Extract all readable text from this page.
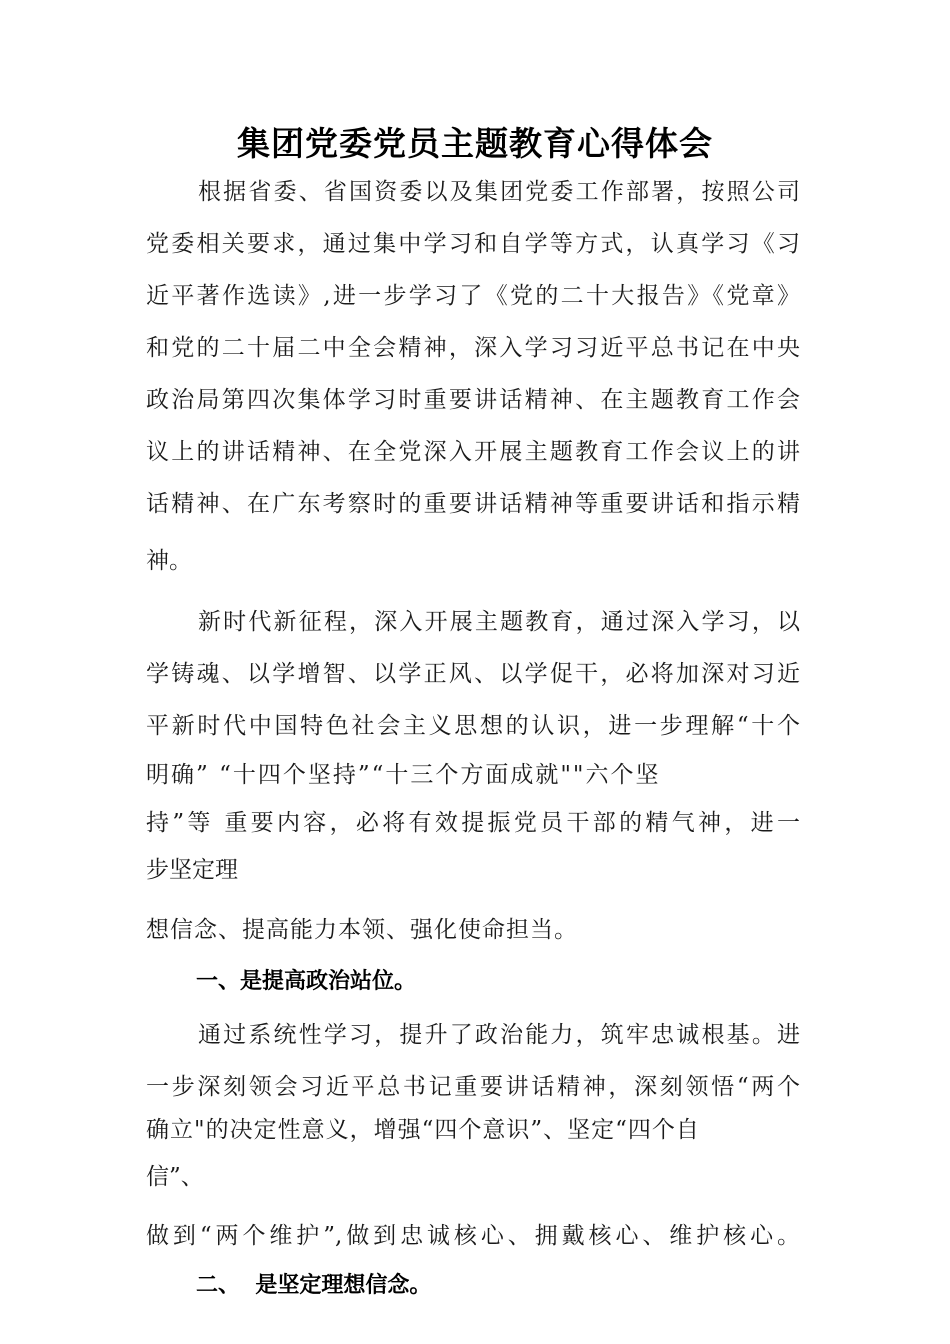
集团党委党员主题教育心得体会
根据省委、省国资委以及集团党委工作部署，按照公司
党委相关要求，通过集中学习和自学等方式，认真学习《习
近平著作选读》,进一步学习了《党的二十大报告》《党章》
和党的二十届二中全会精神，深入学习习近平总书记在中央
政治局第四次集体学习时重要讲话精神、在主题教育工作会
议上的讲话精神、在全党深入开展主题教育工作会议上的讲
话精神、在广东考察时的重要讲话精神等重要讲话和指示精
神。
新时代新征程，深入开展主题教育，通过深入学习，以
学铸魂、以学增智、以学正风、以学促干，必将加深对习近
平新时代中国特色社会主义思想的认识，进一步理解“十个
明确” “十四个坚持”“十三个方面成就""六个坚
持”等 重要内容，必将有效提振党员干部的精气神，进一
步坚定理
想信念、提高能力本领、强化使命担当。
一、是提高政治站位。
通过系统性学习，提升了政治能力，筑牢忠诚根基。进
一步深刻领会习近平总书记重要讲话精神，深刻领悟“两个
确立"的决定性意义，增强“四个意识”、坚定“四个自
信”、
做到“两个维护”,做到忠诚核心、拥戴核心、维护核心。
二、  是坚定理想信念。
